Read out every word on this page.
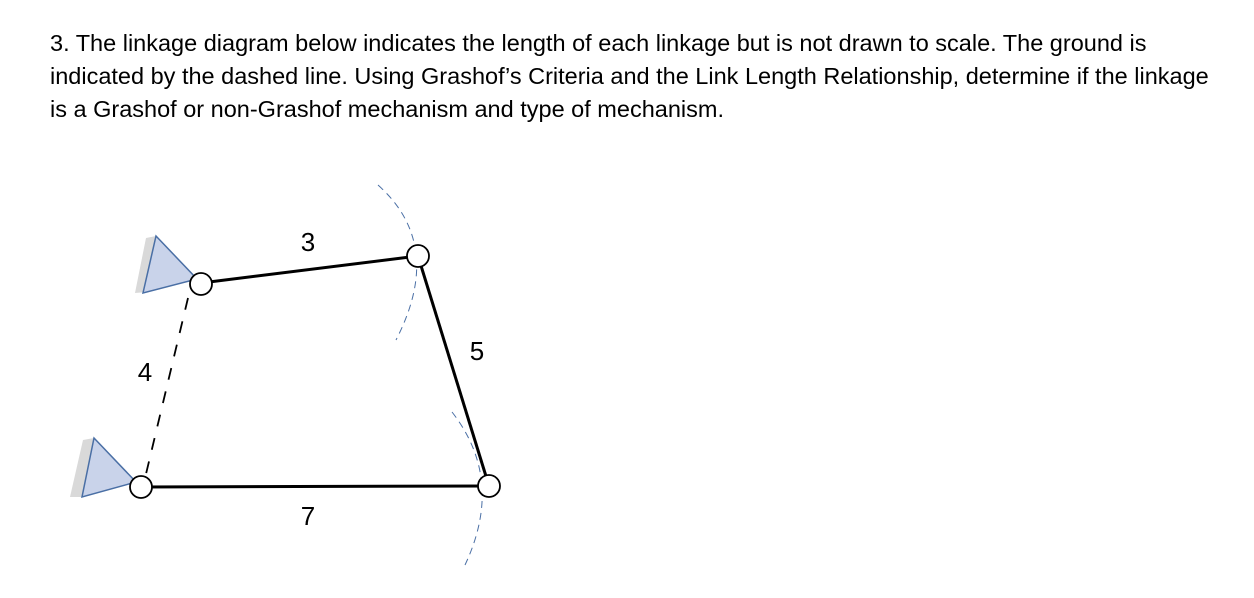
3. The linkage diagram below indicates the length of each linkage but is not drawn to scale. The ground is indicated by the dashed line. Using Grashof’s Criteria and the Link Length Relationship, determine if the linkage is a Grashof or non-Grashof mechanism and type of mechanism.

3
5
7
4
